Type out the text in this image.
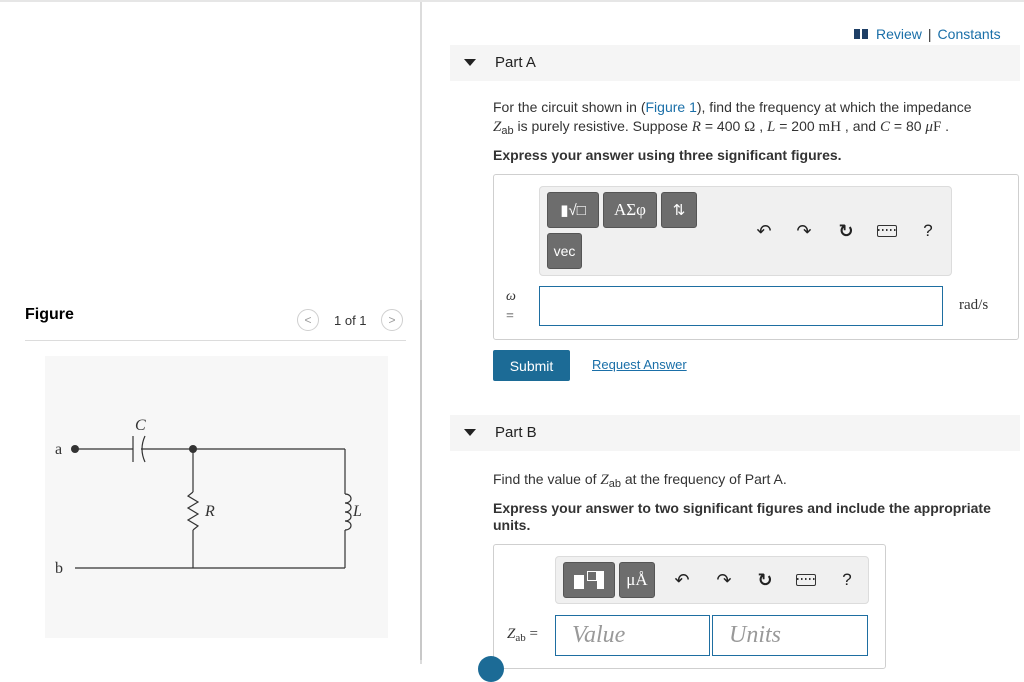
Figure	< 1 of 1 >
a
b
C
R	L
Review | Constants
Part A
For the circuit shown in (Figure 1), find the frequency at which the impedance
$Z_{ab}$ is purely resistive. Suppose R = 400 Ω , L = 200 mH , and C = 80 μF .
Express your answer using three significant figures.
▮√□ ΑΣφ ⇅
vec
↶ ↷ ↻	?
ω
=
rad/s
Submit	Request Answer
Part B
Find the value of $Z_{ab}$ at the frequency of Part A.
Express your answer to two significant figures and include the appropriate units.
μÅ ↶ ↷ ↻	?
$Z_{ab}$ =	Value	Units
